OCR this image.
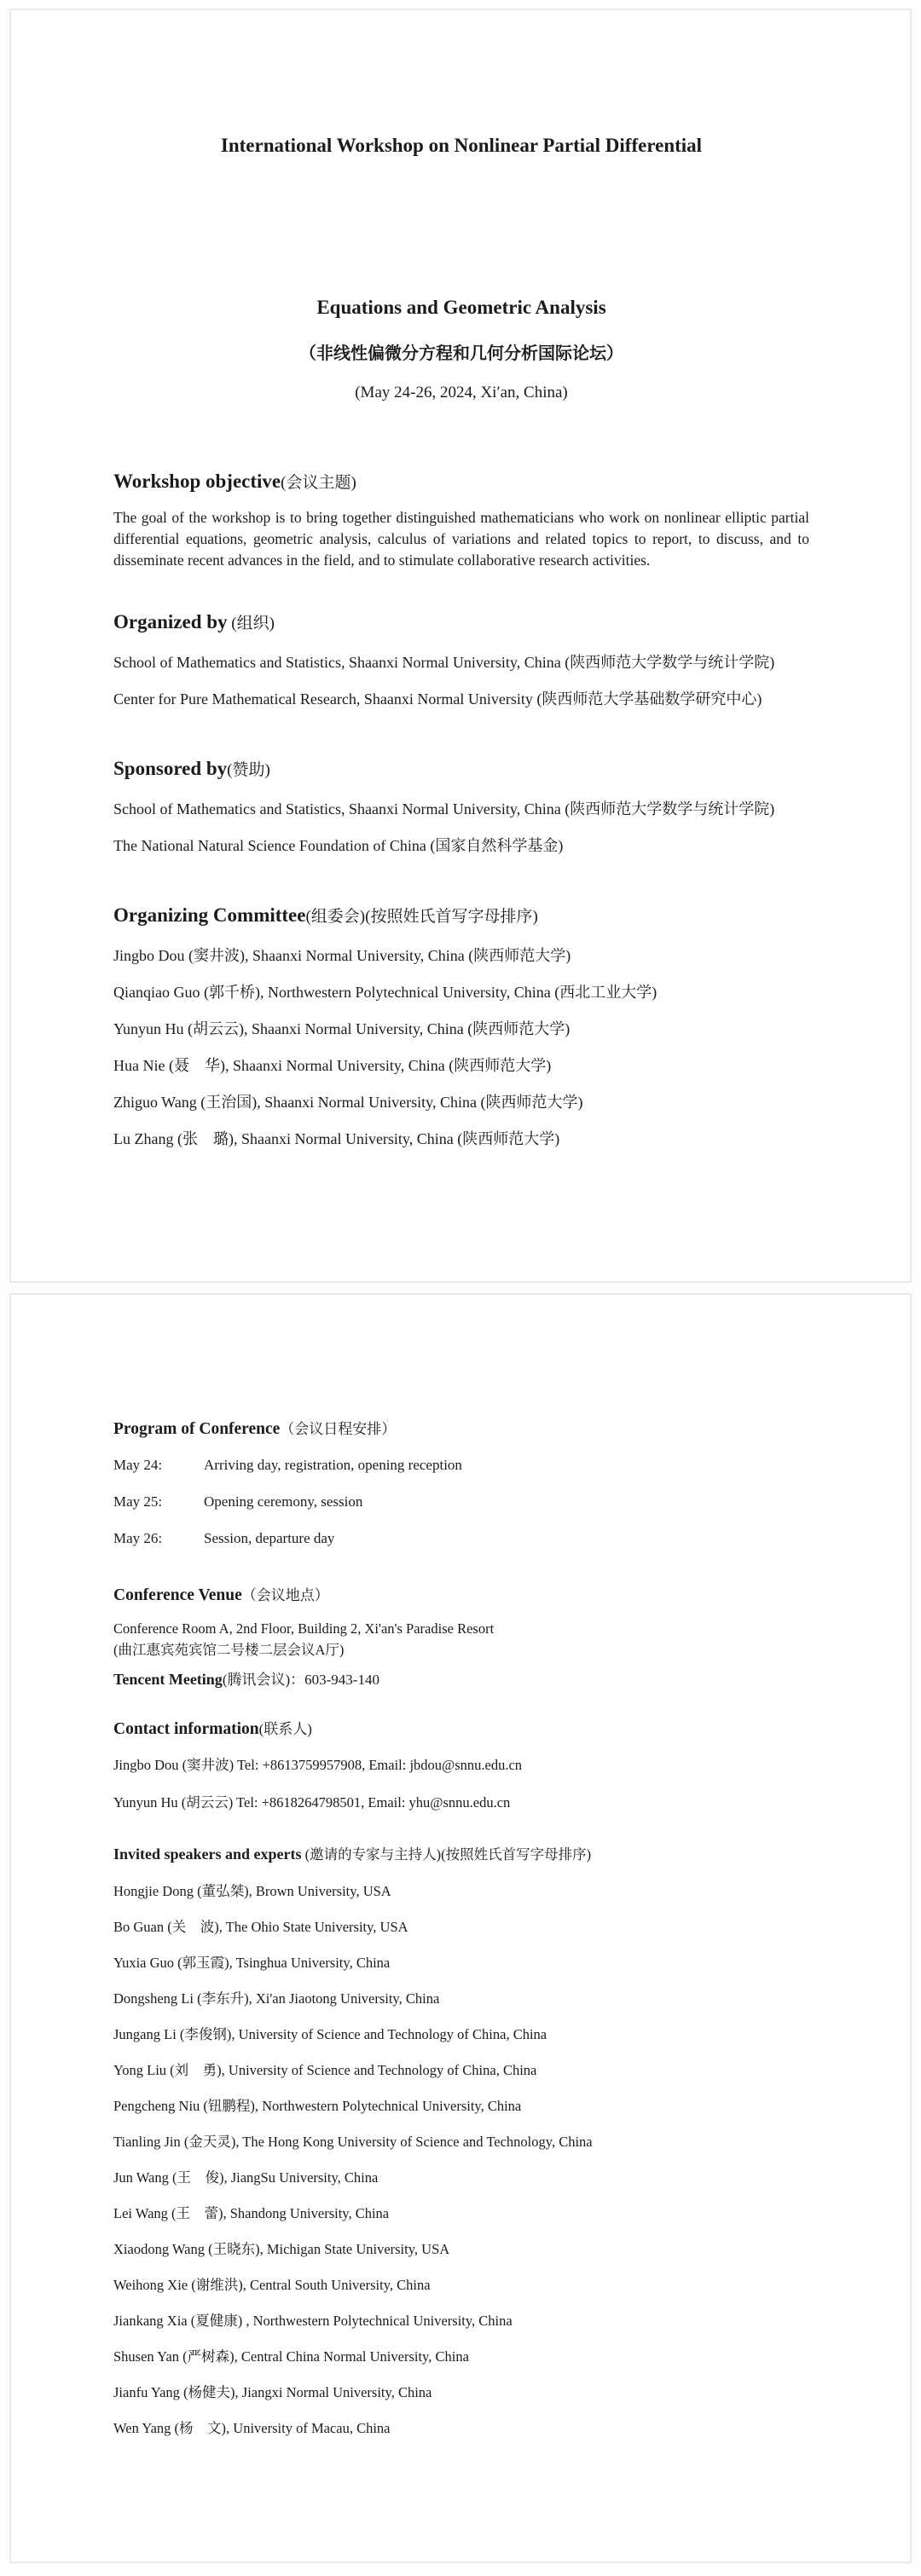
International Workshop on Nonlinear Partial Differential
Equations and Geometric Analysis
（非线性偏微分方程和几何分析国际论坛）
(May 24-26, 2024, Xi′an, China)
Workshop objective(会议主题)
The goal of the workshop is to bring together distinguished mathematicians who work on nonlinear elliptic partial differential equations, geometric analysis, calculus of variations and related topics to report, to discuss, and to disseminate recent advances in the field, and to stimulate collaborative research activities.
Organized by (组织)
School of Mathematics and Statistics, Shaanxi Normal University, China (陕西师范大学数学与统计学院)
Center for Pure Mathematical Research, Shaanxi Normal University (陕西师范大学基础数学研究中心)
Sponsored by(赞助)
School of Mathematics and Statistics, Shaanxi Normal University, China (陕西师范大学数学与统计学院)
The National Natural Science Foundation of China (国家自然科学基金)
Organizing Committee(组委会)(按照姓氏首写字母排序)
Jingbo Dou (窦井波), Shaanxi Normal University, China (陕西师范大学)
Qianqiao Guo (郭千桥), Northwestern Polytechnical University, China (西北工业大学)
Yunyun Hu (胡云云), Shaanxi Normal University, China (陕西师范大学)
Hua Nie (聂　华), Shaanxi Normal University, China (陕西师范大学)
Zhiguo Wang (王治国), Shaanxi Normal University, China (陕西师范大学)
Lu Zhang (张　璐), Shaanxi Normal University, China (陕西师范大学)
Program of Conference（会议日程安排）
May 24:	Arriving day, registration, opening reception
May 25:	Opening ceremony, session
May 26:	Session, departure day
Conference Venue（会议地点）
Conference Room A, 2nd Floor, Building 2, Xi'an's Paradise Resort
(曲江惠宾苑宾馆二号楼二层会议A厅)
Tencent Meeting(腾讯会议)：603-943-140
Contact information(联系人)
Jingbo Dou (窦井波) Tel: +8613759957908, Email: jbdou@snnu.edu.cn
Yunyun Hu (胡云云) Tel: +8618264798501, Email: yhu@snnu.edu.cn
Invited speakers and experts (邀请的专家与主持人)(按照姓氏首写字母排序)
Hongjie Dong (董弘桀), Brown University, USA
Bo Guan (关　波), The Ohio State University, USA
Yuxia Guo (郭玉霞), Tsinghua University, China
Dongsheng Li (李东升), Xi'an Jiaotong University, China
Jungang Li (李俊钢), University of Science and Technology of China, China
Yong Liu (刘　勇), University of Science and Technology of China, China
Pengcheng Niu (钮鹏程), Northwestern Polytechnical University, China
Tianling Jin (金天灵), The Hong Kong University of Science and Technology, China
Jun Wang (王　俊), JiangSu University, China
Lei Wang (王　蕾), Shandong University, China
Xiaodong Wang (王晓东), Michigan State University, USA
Weihong Xie (谢维洪), Central South University, China
Jiankang Xia (夏健康) , Northwestern Polytechnical University, China
Shusen Yan (严树森), Central China Normal University, China
Jianfu Yang (杨健夫), Jiangxi Normal University, China
Wen Yang (杨　文), University of Macau, China
